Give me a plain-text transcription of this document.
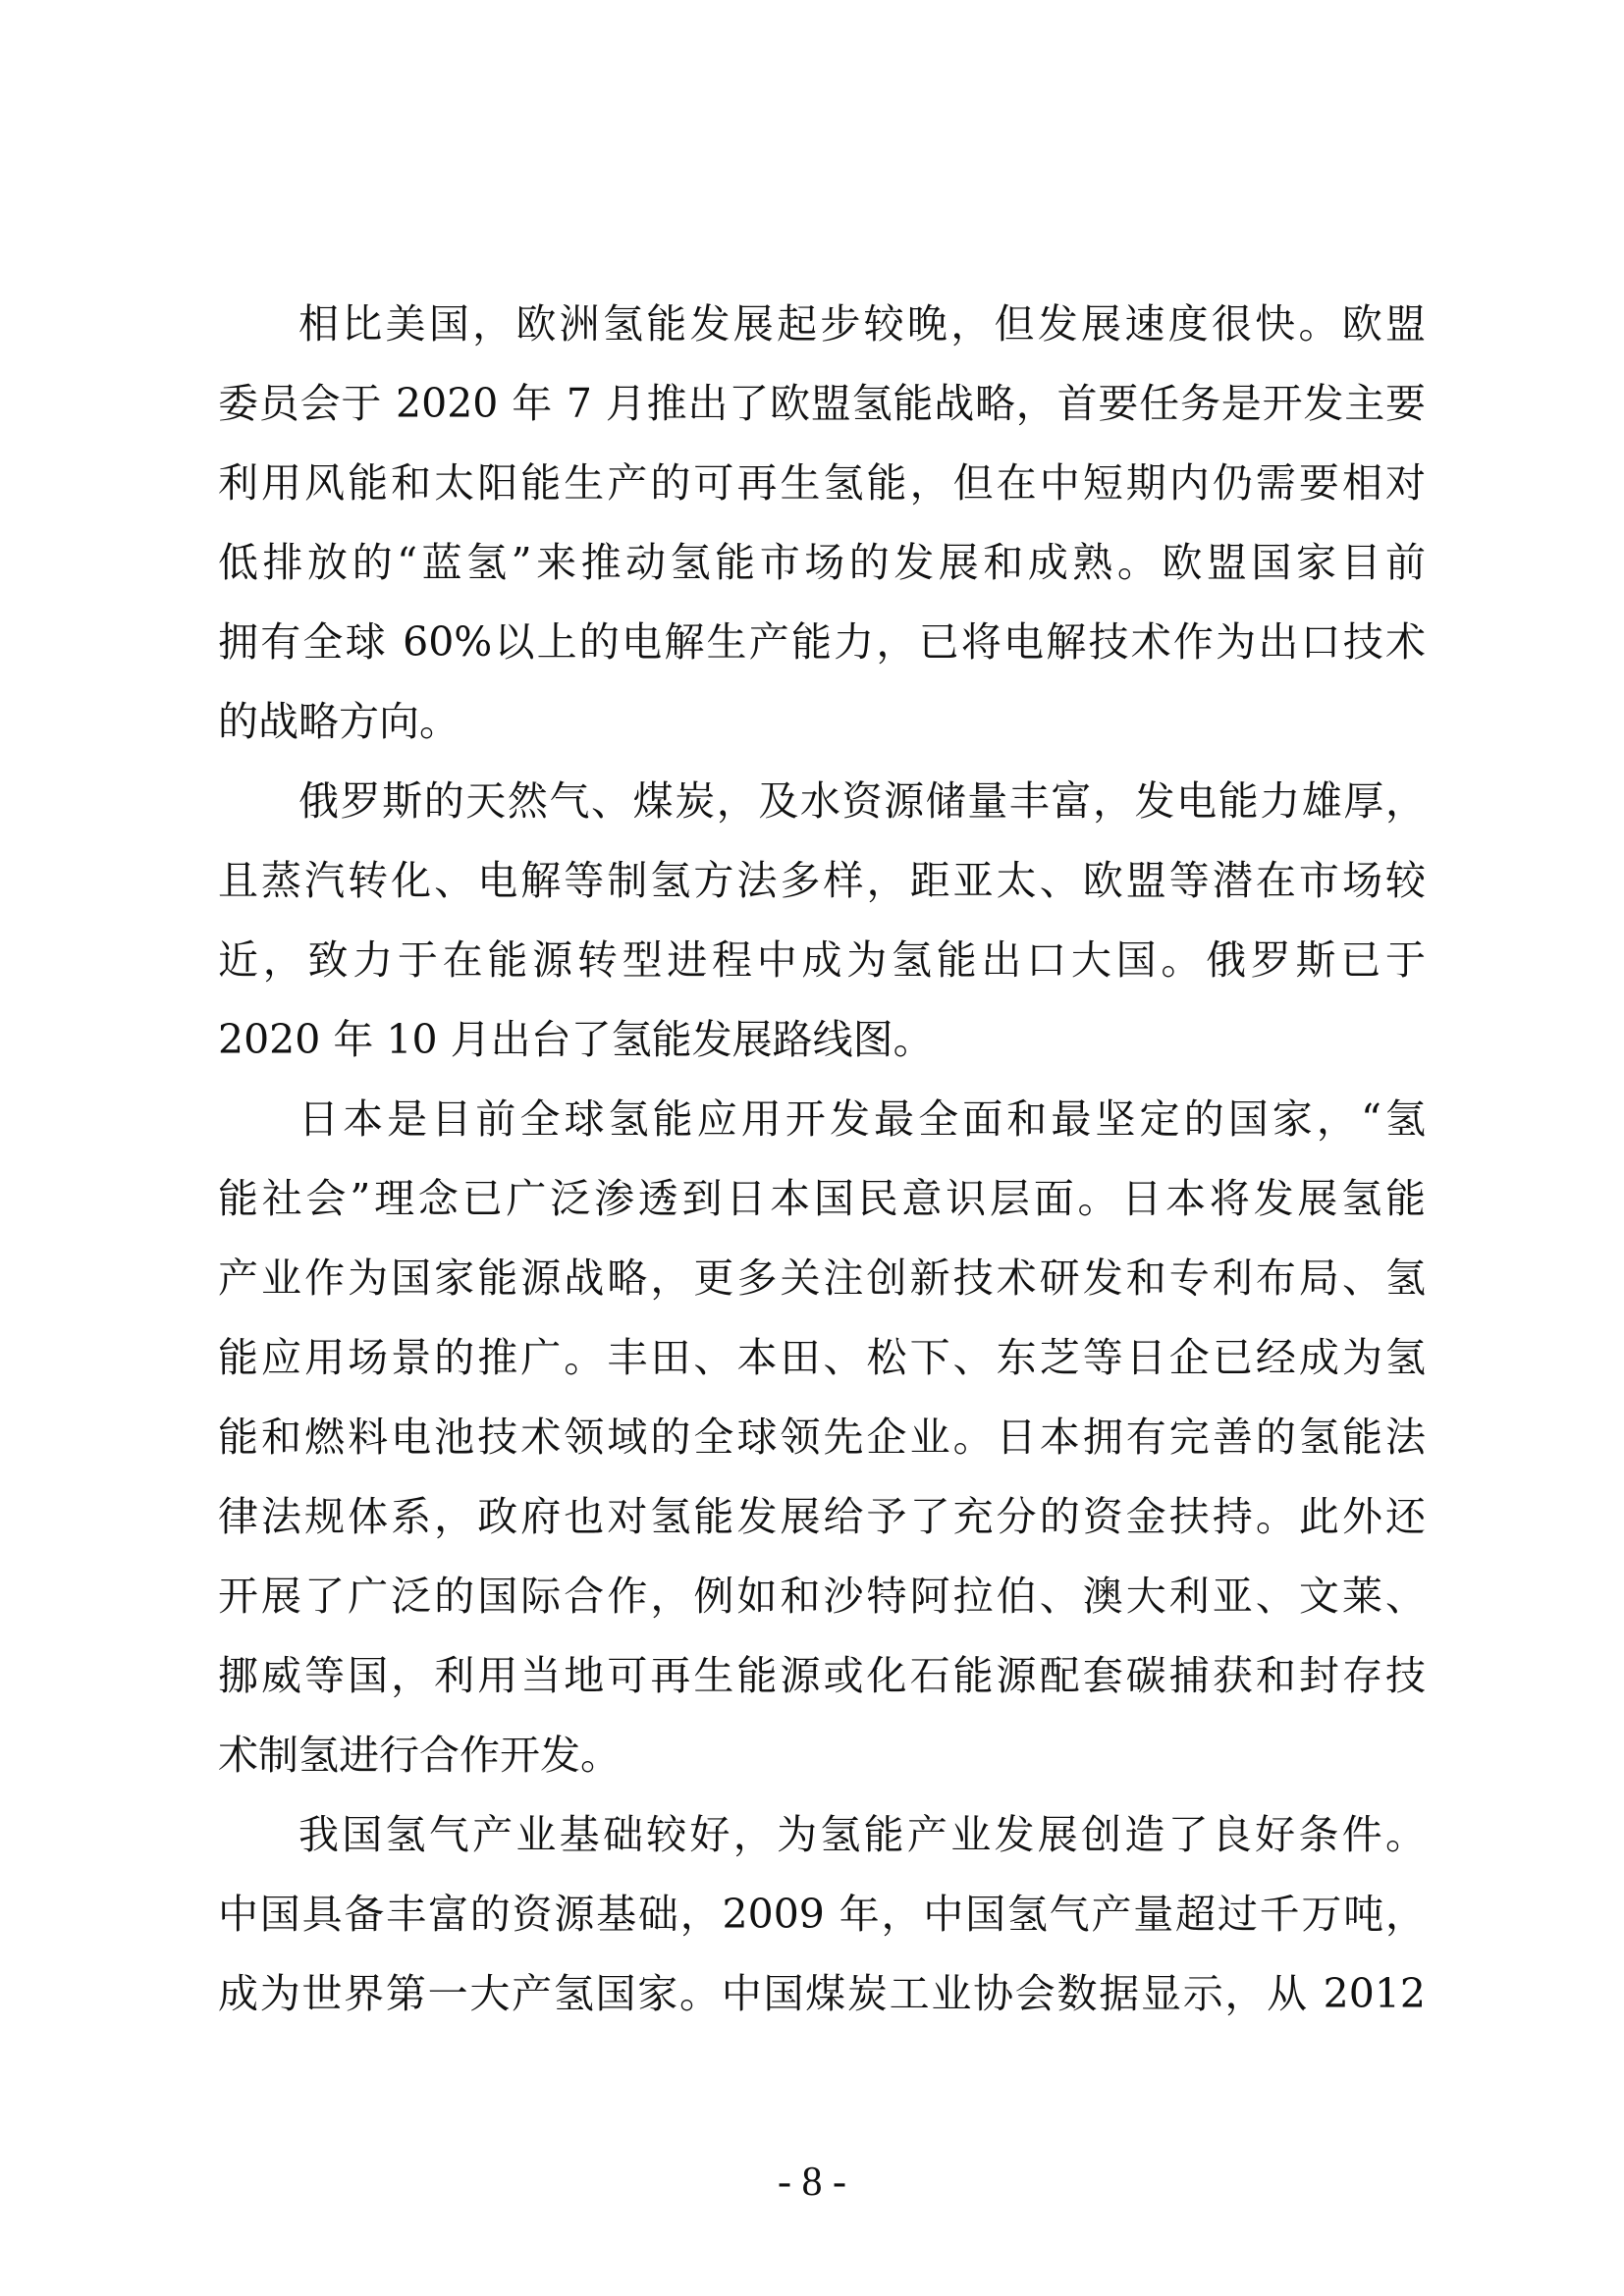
相比美国，欧洲氢能发展起步较晚，但发展速度很快。欧盟
委员会于 2020 年 7 月推出了欧盟氢能战略，首要任务是开发主要
利用风能和太阳能生产的可再生氢能，但在中短期内仍需要相对
低排放的“蓝氢”来推动氢能市场的发展和成熟。欧盟国家目前
拥有全球 60%以上的电解生产能力，已将电解技术作为出口技术
的战略方向。
俄罗斯的天然气、煤炭，及水资源储量丰富，发电能力雄厚，
且蒸汽转化、电解等制氢方法多样，距亚太、欧盟等潜在市场较
近，致力于在能源转型进程中成为氢能出口大国。俄罗斯已于
2020 年 10 月出台了氢能发展路线图。
日本是目前全球氢能应用开发最全面和最坚定的国家，“氢
能社会”理念已广泛渗透到日本国民意识层面。日本将发展氢能
产业作为国家能源战略，更多关注创新技术研发和专利布局、氢
能应用场景的推广。丰田、本田、松下、东芝等日企已经成为氢
能和燃料电池技术领域的全球领先企业。日本拥有完善的氢能法
律法规体系，政府也对氢能发展给予了充分的资金扶持。此外还
开展了广泛的国际合作，例如和沙特阿拉伯、澳大利亚、文莱、
挪威等国，利用当地可再生能源或化石能源配套碳捕获和封存技
术制氢进行合作开发。
我国氢气产业基础较好，为氢能产业发展创造了良好条件。
中国具备丰富的资源基础，2009 年，中国氢气产量超过千万吨，
成为世界第一大产氢国家。中国煤炭工业协会数据显示，从 2012
- 8 -
